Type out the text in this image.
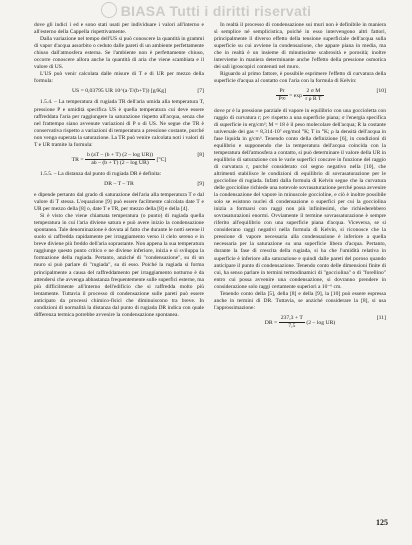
BIASA Tutti i diritti riservati

dove gli indici i ed e sono stati usati per individuare i valori all'interno e all'esterno della Cappella rispettivamente.

Dalla variazione nel tempo dell'US si può conoscere la quantità in grammi di vapor d'acqua assorbito o ceduto dalle pareti di un ambiente perfettamente chiuso dall'atmosfera esterna. Se l'ambiente non è perfettamente chiuso, occorre conoscere allora anche la quantità di aria che viene scambiata e il valore di US.

L'US può venir calcolata dalle misure di T e di UR per mezzo della formula:

US = 0,03795 UR 10^(a·T/(b+T)) [g/Kg]	[7]

1.5.4. – La temperatura di rugiada TR dell'aria umida alla temperatura T, pressione P e umidità specifica US è quella temperatura cui deve essere raffreddata l'aria per raggiungere la saturazione rispetto all'acqua, senza che nel frattempo siano avvenute variazioni di P o di US. Ne segue che TR è conservativa rispetto a variazioni di temperatura a pressione costante, purché non venga superata la saturazione. La TR può venire calcolata noti i valori di T e UR tramite la formula:

TR = $\frac{\text{b (aT – (b + T) (2 – log UR))}}{\text{ab – (b + T) (2 – log UR)}} [^\circ C]$
[8]

1.5.5. – La distanza dal punto di rugiada DR è definita:

DR – T – TR	[9]

e dipende pertanto dal grado di saturazione dell'aria alla temperatura T e dal valore di T stessa. L'equazione [9] può essere facilmente calcolata date T e UR per mezzo della [8] o, date T e TR, per mezzo della [8] e della [4].

Si è visto che viene chiamata temperatura (o punto) di rugiada quella temperatura in cui l'aria diviene satura e può avere inizio la condensazione spontanea. Tale denominazione è dovuta al fatto che durante le notti serene il suolo si raffredda rapidamente per irraggiamento verso il cielo sereno e in breve diviene più freddo dell'aria soprastante. Non appena la sua temperatura raggiunge questo punto critico e ne diviene inferiore, inizia e si sviluppa la formazione della rugiada. Pertanto, anziché di "condensazione", su di un muro si può parlare di "rugiada", su di esso. Poiché la rugiada si forma principalmente a causa del raffreddamento per irraggiamento notturno è da attendersi che avvenga abbastanza frequentemente sulle superfici esterne, ma più difficilmente all'interno dell'edificio che si raffredda molto più lentamente. Tuttavia il processo di condensazione sulle pareti può essere anticipato da processi chimico-fisici che diminuiscono tra breve. In condizioni di normalità la distanza dal punto di rugiada DR indica con quale differenza termica potrebbe avvenire la condensazione spontanea.

In realtà il processo di condensazione sui muri non è definibile in maniera sì semplice né semplicistica, poiché in esso intervengono altri fattori, principalmente il diverso effetto della tensione superficiale dell'acqua sulla superficie su cui avviene la condensazione, che appare piana in media, ma che in realtà è un insieme di minutissime scabrosità e porosità; inoltre intervieme in maniera determinante anche l'effetto della pressione osmotica dei sali igroscopici contenuti nel muro.

Riguardo al primo fattore, è possibile esprimere l'effetto di curvatura della superficie d'acqua al contatto con l'aria con la formula di Kelvin:

$\frac{Pr}{P\infty} = \exp \frac{\text{2 σ M}}{\text{r ρ R T}}$	[10]

dove pr è la pressione parziale di vapore in equilibrio con una goccioletta con raggio di curvatura r; p∞ rispetto a una superficie piana; σ l'energia specifica di superficie in erg/cm²; M = 18 è il peso molecolare dell'acqua; R la costante universale dei gas = 8,314·10⁷ erg/mol °K; T in °K; ρ la densità dell'acqua in fase liquida in g/cm³. Tenendo conto della definizione [6], in condizioni di equilibrio e supponendo che la temperatura dell'acqua coincida con la temperatura dell'atmosfera a contatto, si può determinare il valore della UR in equilibrio di saturazione con le varie superfici concave in funzione del raggio di curvatura r, purché considerato col segno negativo nella [10], che altrimenti stabilisce le condizioni di equilibrio di sovrasaturazione per le goccioline di rugiada. Infatti dalla formula di Kelvin segue che la curvatura delle goccioline richiede una notevole sovrasaturazione perché possa avvenire la condensazione del vapore in minuscole goccioline, e ciò è inoltre possibile solo se esistono nuclei di condensazione o superfici per cui la gocciolina inizia a formarsi con raggi non più infinitesimi, che richiederebbero sovrasaturazioni enormi. Ovviamente il termine sovrassaturazione è sempre riferito all'equilibrio con una superficie piana d'acqua. Viceversa, se si considerano raggi negativi nella formula di Kelvin, si riconosce che la pressione di vapore necessaria alla condensazione è inferiore a quella necessaria per la saturazione su una superficie libera d'acqua. Pertanto, durante la fase di crescita della rugiada, si ha che l'umidità relativa in superficie è inferiore alla saturazione e quindi dalle pareti del poroso quando anticipare il punto di condensazione. Tenendo conto delle dimensioni finite di cui, ha senso parlare in termini termodinamici di "gocciolina" o di "forellino" entro cui possa avvenire una condensazione, si dovranno prendere in considerazione solo raggi certamente superiori a 10⁻⁶ cm.

Tenendo conto della [5], della [8] e della [9], la [10] può essere espressa anche in termini di DR. Tuttavia, se anziché considerare la [8], si usa l'approssimazione:

DR = $\frac{237,3 + T}{7,5} (2$ – log UR)
[11]
125
